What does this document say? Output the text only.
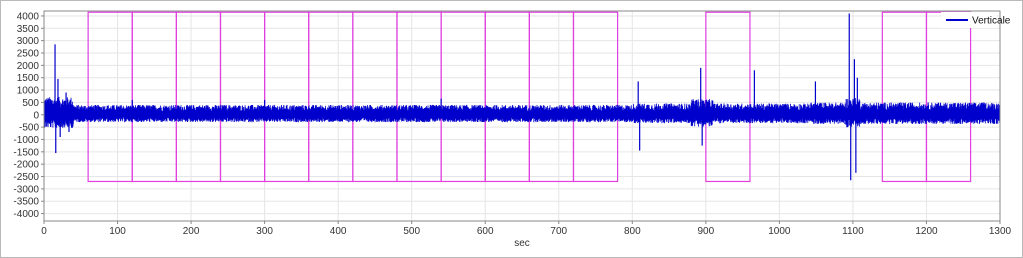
0	100	200	300	400	500	600	700	800	900	1000	1100	1200	1300
4000
3500
3000
2500
2000
1500
1000
500
0
-500
-1000
-1500
-2000
-2500
-3000
-3500
-4000
sec
Verticale
